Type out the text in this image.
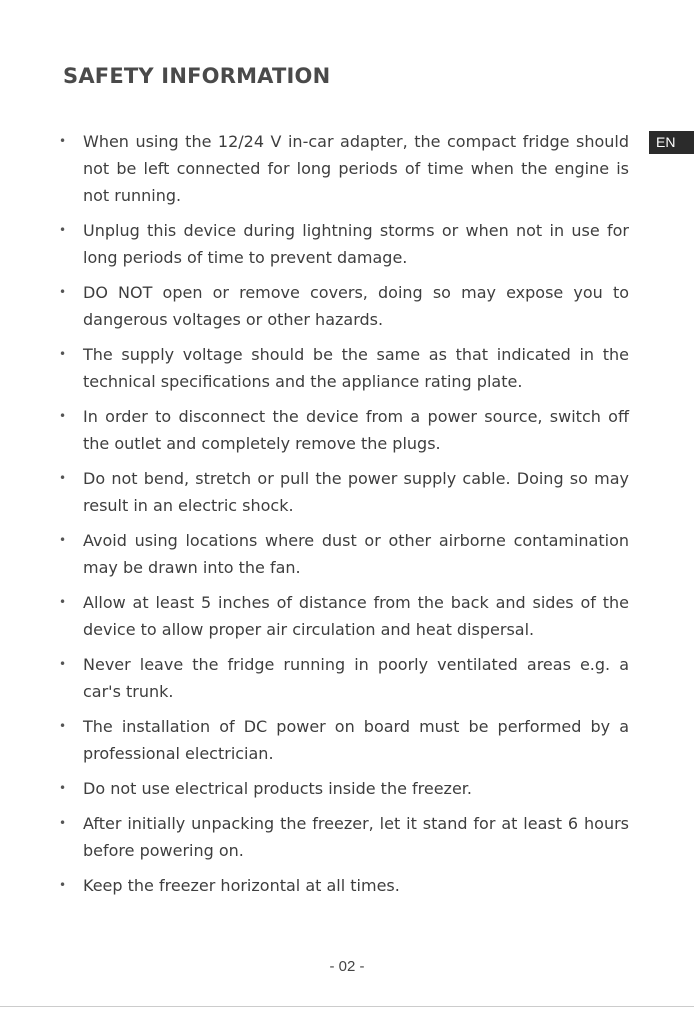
SAFETY INFORMATION
EN
• When using the 12/24 V in-car adapter, the compact fridge should not be left connected for long periods of time when the engine is not running.
• Unplug this device during lightning storms or when not in use for long periods of time to prevent damage.
• DO NOT open or remove covers, doing so may expose you to dangerous voltages or other hazards.
• The supply voltage should be the same as that indicated in the technical specifications and the appliance rating plate.
• In order to disconnect the device from a power source, switch off the outlet and completely remove the plugs.
• Do not bend, stretch or pull the power supply cable. Doing so may result in an electric shock.
• Avoid using locations where dust or other airborne contamination may be drawn into the fan.
• Allow at least 5 inches of distance from the back and sides of the device to allow proper air circulation and heat dispersal.
• Never leave the fridge running in poorly ventilated areas e.g. a car's trunk.
• The installation of DC power on board must be performed by a professional electrician.
• Do not use electrical products inside the freezer.
• After initially unpacking the freezer, let it stand for at least 6 hours before powering on.
• Keep the freezer horizontal at all times.
- 02 -
